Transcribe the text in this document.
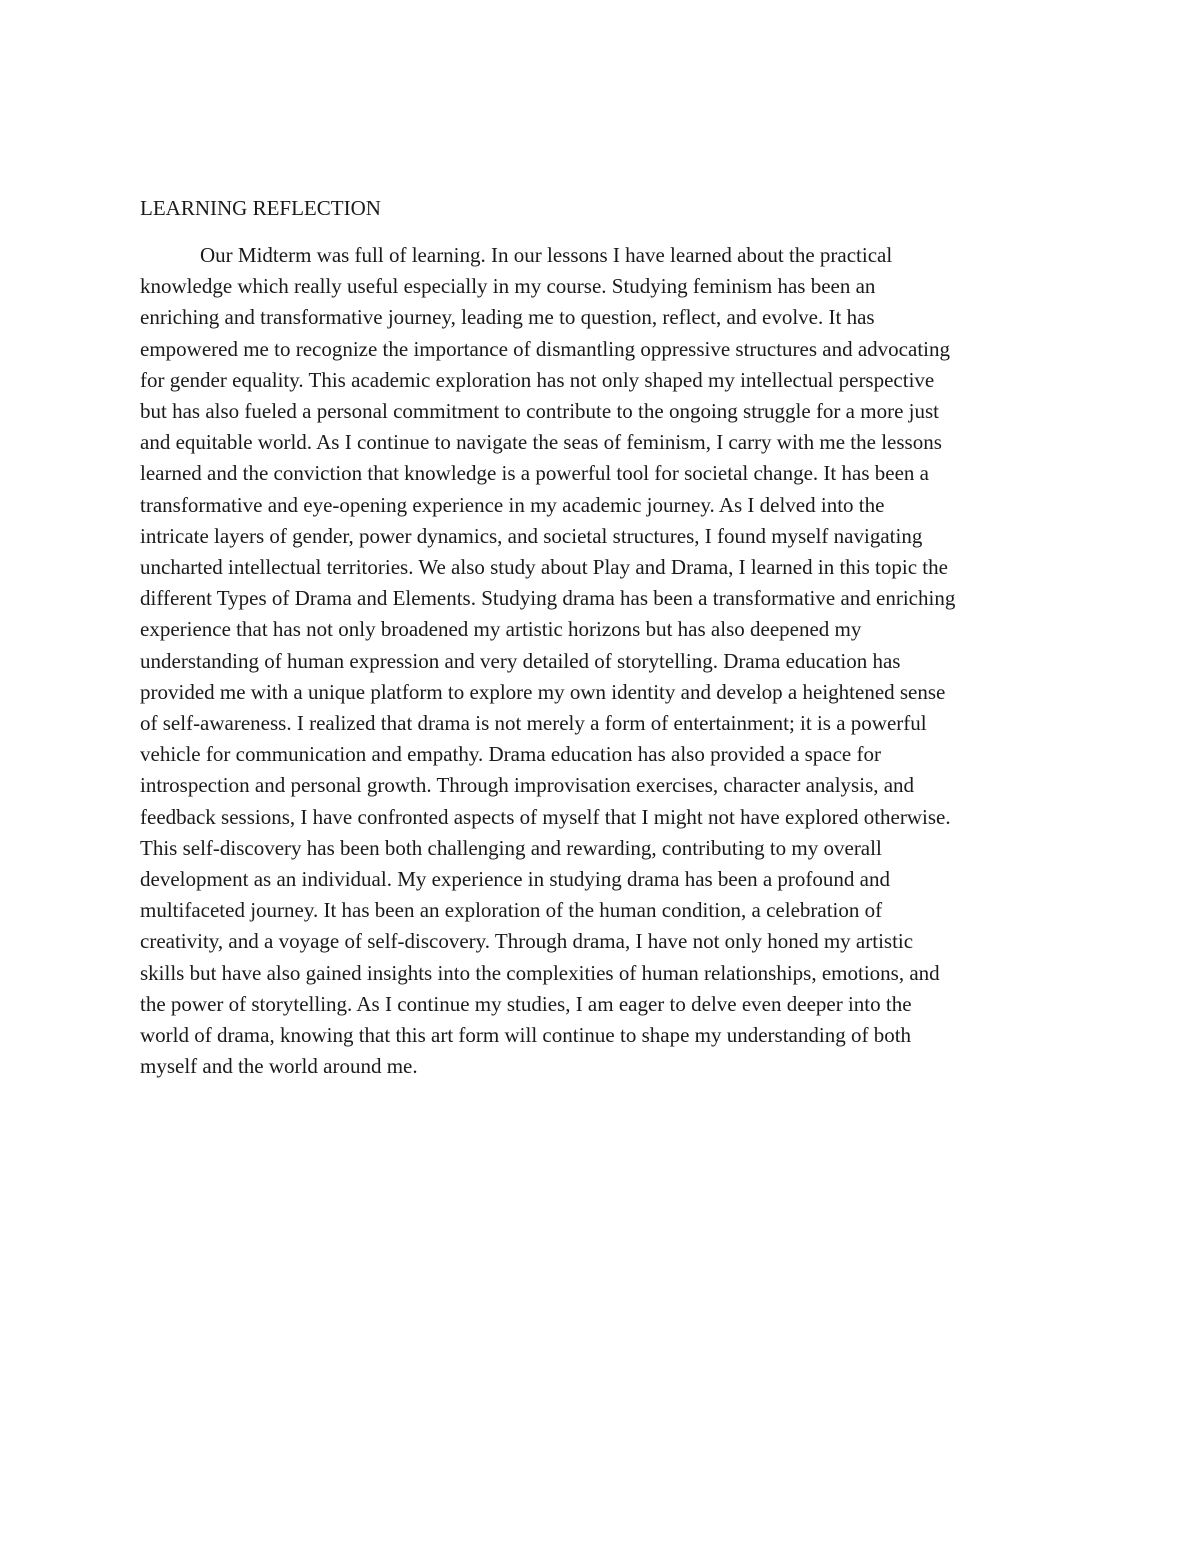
LEARNING REFLECTION
Our Midterm was full of learning. In our lessons I have learned about the practical
knowledge which really useful especially in my course. Studying feminism has been an
enriching and transformative journey, leading me to question, reflect, and evolve. It has
empowered me to recognize the importance of dismantling oppressive structures and advocating
for gender equality. This academic exploration has not only shaped my intellectual perspective
but has also fueled a personal commitment to contribute to the ongoing struggle for a more just
and equitable world. As I continue to navigate the seas of feminism, I carry with me the lessons
learned and the conviction that knowledge is a powerful tool for societal change. It has been a
transformative and eye-opening experience in my academic journey. As I delved into the
intricate layers of gender, power dynamics, and societal structures, I found myself navigating
uncharted intellectual territories. We also study about Play and Drama, I learned in this topic the
different Types of Drama and Elements. Studying drama has been a transformative and enriching
experience that has not only broadened my artistic horizons but has also deepened my
understanding of human expression and very detailed of storytelling. Drama education has
provided me with a unique platform to explore my own identity and develop a heightened sense
of self-awareness. I realized that drama is not merely a form of entertainment; it is a powerful
vehicle for communication and empathy. Drama education has also provided a space for
introspection and personal growth. Through improvisation exercises, character analysis, and
feedback sessions, I have confronted aspects of myself that I might not have explored otherwise.
This self-discovery has been both challenging and rewarding, contributing to my overall
development as an individual. My experience in studying drama has been a profound and
multifaceted journey. It has been an exploration of the human condition, a celebration of
creativity, and a voyage of self-discovery. Through drama, I have not only honed my artistic
skills but have also gained insights into the complexities of human relationships, emotions, and
the power of storytelling. As I continue my studies, I am eager to delve even deeper into the
world of drama, knowing that this art form will continue to shape my understanding of both
myself and the world around me.
